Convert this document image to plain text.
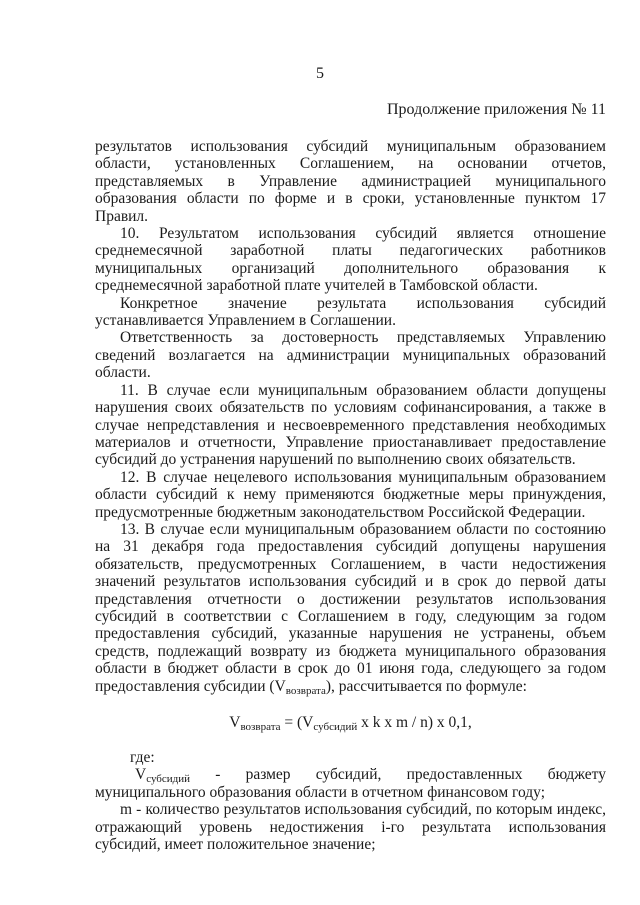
5
Продолжение приложения № 11

результатов использования субсидий муниципальным образованием области, установленных Соглашением, на основании отчетов, представляемых в Управление администрацией муниципального образования области по форме и в сроки, установленные пунктом 17 Правил.

10. Результатом использования субсидий является отношение среднемесячной заработной платы педагогических работников муниципальных организаций дополнительного образования к среднемесячной заработной плате учителей в Тамбовской области.

Конкретное значение результата использования субсидий устанавливается Управлением в Соглашении.

Ответственность за достоверность представляемых Управлению сведений возлагается на администрации муниципальных образований области.

11. В случае если муниципальным образованием области допущены нарушения своих обязательств по условиям софинансирования, а также в случае непредставления и несвоевременного представления необходимых материалов и отчетности, Управление приостанавливает предоставление субсидий до устранения нарушений по выполнению своих обязательств.

12. В случае нецелевого использования муниципальным образованием области субсидий к нему применяются бюджетные меры принуждения, предусмотренные бюджетным законодательством Российской Федерации.

13. В случае если муниципальным образованием области по состоянию на 31 декабря года предоставления субсидий допущены нарушения обязательств, предусмотренных Соглашением, в части недостижения значений результатов использования субсидий и в срок до первой даты представления отчетности о достижении результатов использования субсидий в соответствии с Соглашением в году, следующим за годом предоставления субсидий, указанные нарушения не устранены, объем средств, подлежащий возврату из бюджета муниципального образования области в бюджет области в срок до 01 июня года, следующего за годом предоставления субсидии $(V_{возврата})$, рассчитывается по формуле:

$V_{возврата} = (V_{субсидий}$ x k x m / n) x 0,1,

где:

$V_{субсидий}$ - размер субсидий, предоставленных бюджету

муниципального образования области в отчетном финансовом году;

m - количество результатов использования субсидий, по которым индекс, отражающий уровень недостижения i-го результата использования субсидий, имеет положительное значение;
